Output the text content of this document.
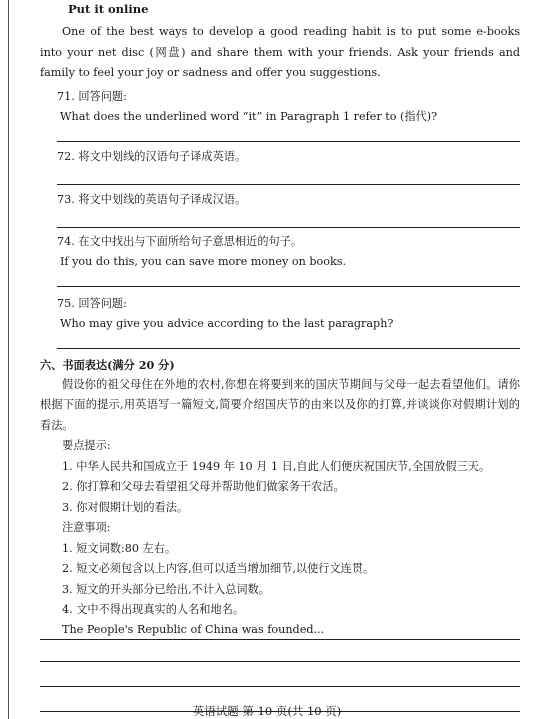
Put it online

One of the best ways to develop a good reading habit is to put some e-books into your net disc (网盘) and share them with your friends. Ask your friends and family to feel your joy or sadness and offer you suggestions.

71. 回答问题:
What does the underlined word “it” in Paragraph 1 refer to (指代)?
72. 将文中划线的汉语句子译成英语。
73. 将文中划线的英语句子译成汉语。
74. 在文中找出与下面所给句子意思相近的句子。
If you do this, you can save more money on books.
75. 回答问题:
Who may give you advice according to the last paragraph?
六、书面表达(满分 20 分)

假设你的祖父母住在外地的农村,你想在将要到来的国庆节期间与父母一起去看望他们。请你根据下面的提示,用英语写一篇短文,简要介绍国庆节的由来以及你的打算,并谈谈你对假期计划的看法。

要点提示:
1. 中华人民共和国成立于 1949 年 10 月 1 日,自此人们便庆祝国庆节,全国放假三天。
2. 你打算和父母去看望祖父母并帮助他们做家务干农活。
3. 你对假期计划的看法。
注意事项:
1. 短文词数:80 左右。
2. 短文必须包含以上内容,但可以适当增加细节,以使行文连贯。
3. 短文的开头部分已给出,不计入总词数。
4. 文中不得出现真实的人名和地名。
The People's Republic of China was founded...
英语试题 第 10 页(共 10 页)
